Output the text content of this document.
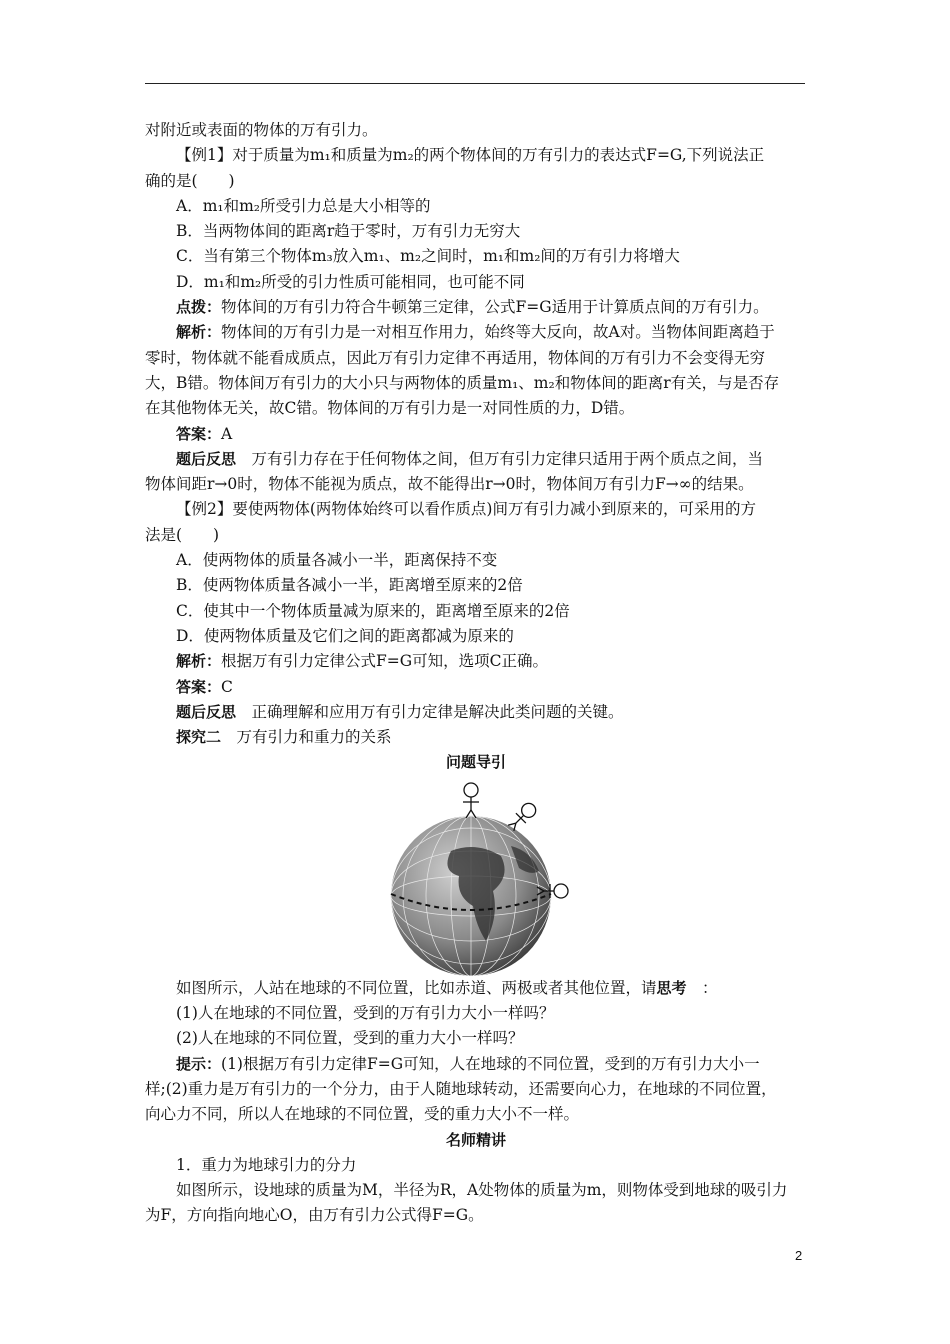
对附近或表面的物体的万有引力。

【例1】对于质量为m₁和质量为m₂的两个物体间的万有引力的表达式F=G,下列说法正

确的是(　　)

A．m₁和m₂所受引力总是大小相等的

B．当两物体间的距离r趋于零时，万有引力无穷大

C．当有第三个物体m₃放入m₁、m₂之间时，m₁和m₂间的万有引力将增大

D．m₁和m₂所受的引力性质可能相同，也可能不同

点拨：物体间的万有引力符合牛顿第三定律，公式F=G适用于计算质点间的万有引力。

解析：物体间的万有引力是一对相互作用力，始终等大反向，故A对。当物体间距离趋于

零时，物体就不能看成质点，因此万有引力定律不再适用，物体间的万有引力不会变得无穷

大，B错。物体间万有引力的大小只与两物体的质量m₁、m₂和物体间的距离r有关，与是否存

在其他物体无关，故C错。物体间的万有引力是一对同性质的力，D错。

答案：A

题后反思　万有引力存在于任何物体之间，但万有引力定律只适用于两个质点之间，当

物体间距r→0时，物体不能视为质点，故不能得出r→0时，物体间万有引力F→∞的结果。

【例2】要使两物体(两物体始终可以看作质点)间万有引力减小到原来的，可采用的方

法是(　　)

A．使两物体的质量各减小一半，距离保持不变

B．使两物体质量各减小一半，距离增至原来的2倍

C．使其中一个物体质量减为原来的，距离增至原来的2倍

D．使两物体质量及它们之间的距离都减为原来的

解析：根据万有引力定律公式F=G可知，选项C正确。

答案：C

题后反思　正确理解和应用万有引力定律是解决此类问题的关键。

探究二　万有引力和重力的关系

问题导引

如图所示，人站在地球的不同位置，比如赤道、两极或者其他位置，请思考　：

(1)人在地球的不同位置，受到的万有引力大小一样吗？

(2)人在地球的不同位置，受到的重力大小一样吗？

提示：(1)根据万有引力定律F=G可知，人在地球的不同位置，受到的万有引力大小一

样;(2)重力是万有引力的一个分力，由于人随地球转动，还需要向心力，在地球的不同位置，

向心力不同，所以人在地球的不同位置，受的重力大小不一样。

名师精讲

1．重力为地球引力的分力

如图所示，设地球的质量为M，半径为R，A处物体的质量为m，则物体受到地球的吸引力

为F，方向指向地心O，由万有引力公式得F=G。

2
